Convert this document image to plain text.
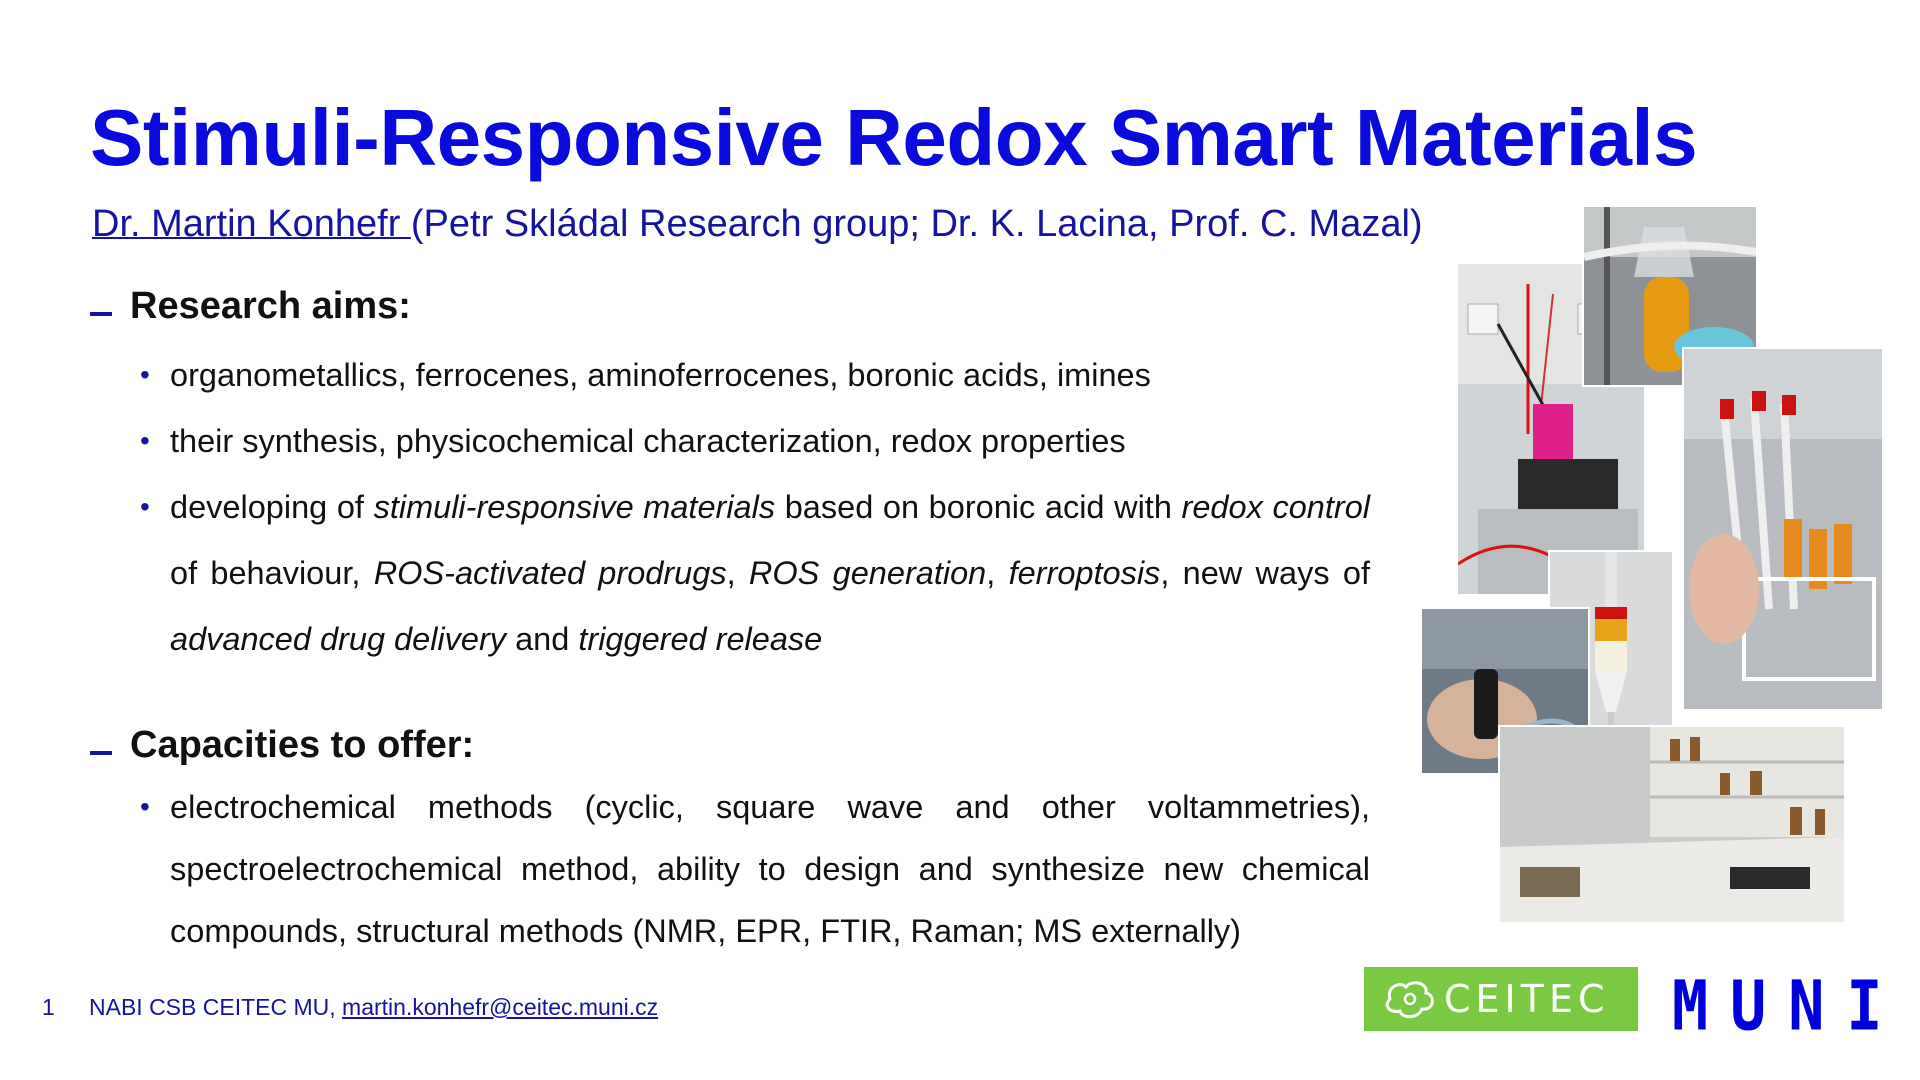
Stimuli-Responsive Redox Smart Materials
Dr. Martin Konhefr (Petr Skládal Research group; Dr. K. Lacina, Prof. C. Mazal)
Research aims:
• organometallics, ferrocenes, aminoferrocenes, boronic acids, imines
• their synthesis, physicochemical characterization, redox properties
• developing of stimuli-responsive materials based on boronic acid with redox control of behaviour, ROS-activated prodrugs, ROS generation, ferroptosis, new ways of advanced drug delivery and triggered release
Capacities to offer:
• electrochemical methods (cyclic, square wave and other voltammetries), spectroelectrochemical method, ability to design and synthesize new chemical compounds, structural methods (NMR, EPR, FTIR, Raman; MS externally)
1 NABI CSB CEITEC MU, martin.konhefr@ceitec.muni.cz	CEITEC MUNI
